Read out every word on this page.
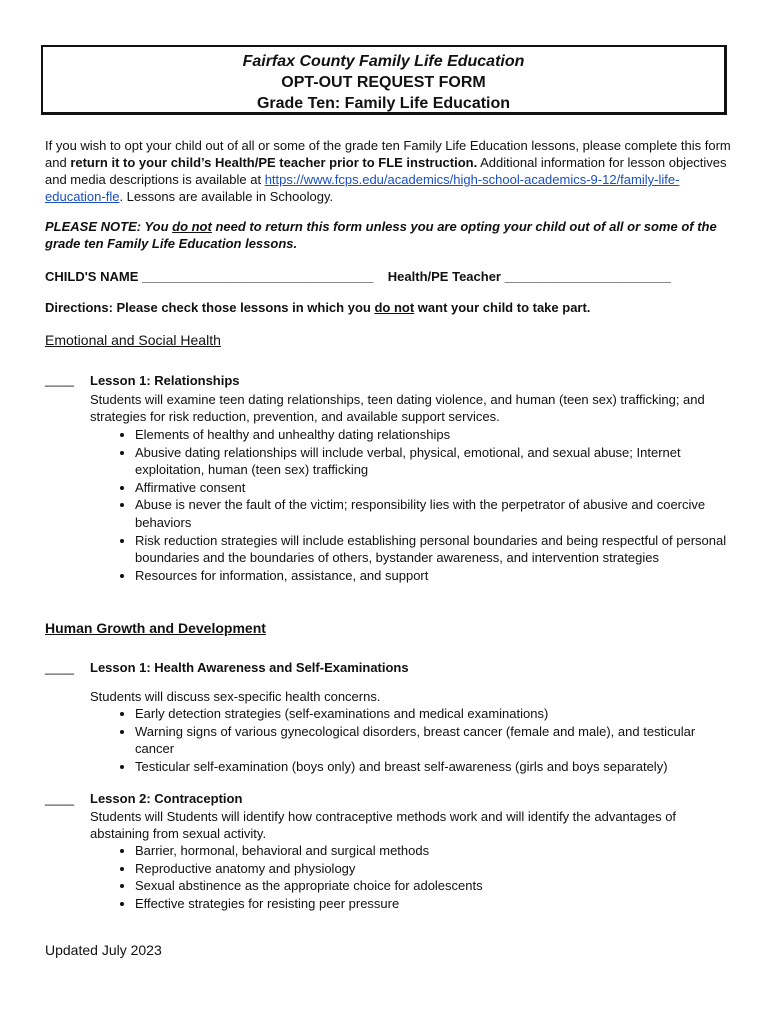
Fairfax County Family Life Education
OPT-OUT REQUEST FORM
Grade Ten: Family Life Education
If you wish to opt your child out of all or some of the grade ten Family Life Education lessons, please complete this form and return it to your child’s Health/PE teacher prior to FLE instruction. Additional information for lesson objectives and media descriptions is available at https://www.fcps.edu/academics/high-school-academics-9-12/family-life-education-fle. Lessons are available in Schoology.
PLEASE NOTE: You do not need to return this form unless you are opting your child out of all or some of the grade ten Family Life Education lessons.
CHILD'S NAME ________________________________ Health/PE Teacher _______________________
Directions: Please check those lessons in which you do not want your child to take part.
Emotional and Social Health
____ Lesson 1: Relationships
Students will examine teen dating relationships, teen dating violence, and human (teen sex) trafficking; and strategies for risk reduction, prevention, and available support services.
• Elements of healthy and unhealthy dating relationships
• Abusive dating relationships will include verbal, physical, emotional, and sexual abuse; Internet exploitation, human (teen sex) trafficking
• Affirmative consent
• Abuse is never the fault of the victim; responsibility lies with the perpetrator of abusive and coercive behaviors
• Risk reduction strategies will include establishing personal boundaries and being respectful of personal boundaries and the boundaries of others, bystander awareness, and intervention strategies
• Resources for information, assistance, and support
Human Growth and Development
____ Lesson 1: Health Awareness and Self-Examinations
Students will discuss sex-specific health concerns.
• Early detection strategies (self-examinations and medical examinations)
• Warning signs of various gynecological disorders, breast cancer (female and male), and testicular cancer
• Testicular self-examination (boys only) and breast self-awareness (girls and boys separately)
____ Lesson 2: Contraception
Students will Students will identify how contraceptive methods work and will identify the advantages of abstaining from sexual activity.
• Barrier, hormonal, behavioral and surgical methods
• Reproductive anatomy and physiology
• Sexual abstinence as the appropriate choice for adolescents
• Effective strategies for resisting peer pressure
Updated July 2023
